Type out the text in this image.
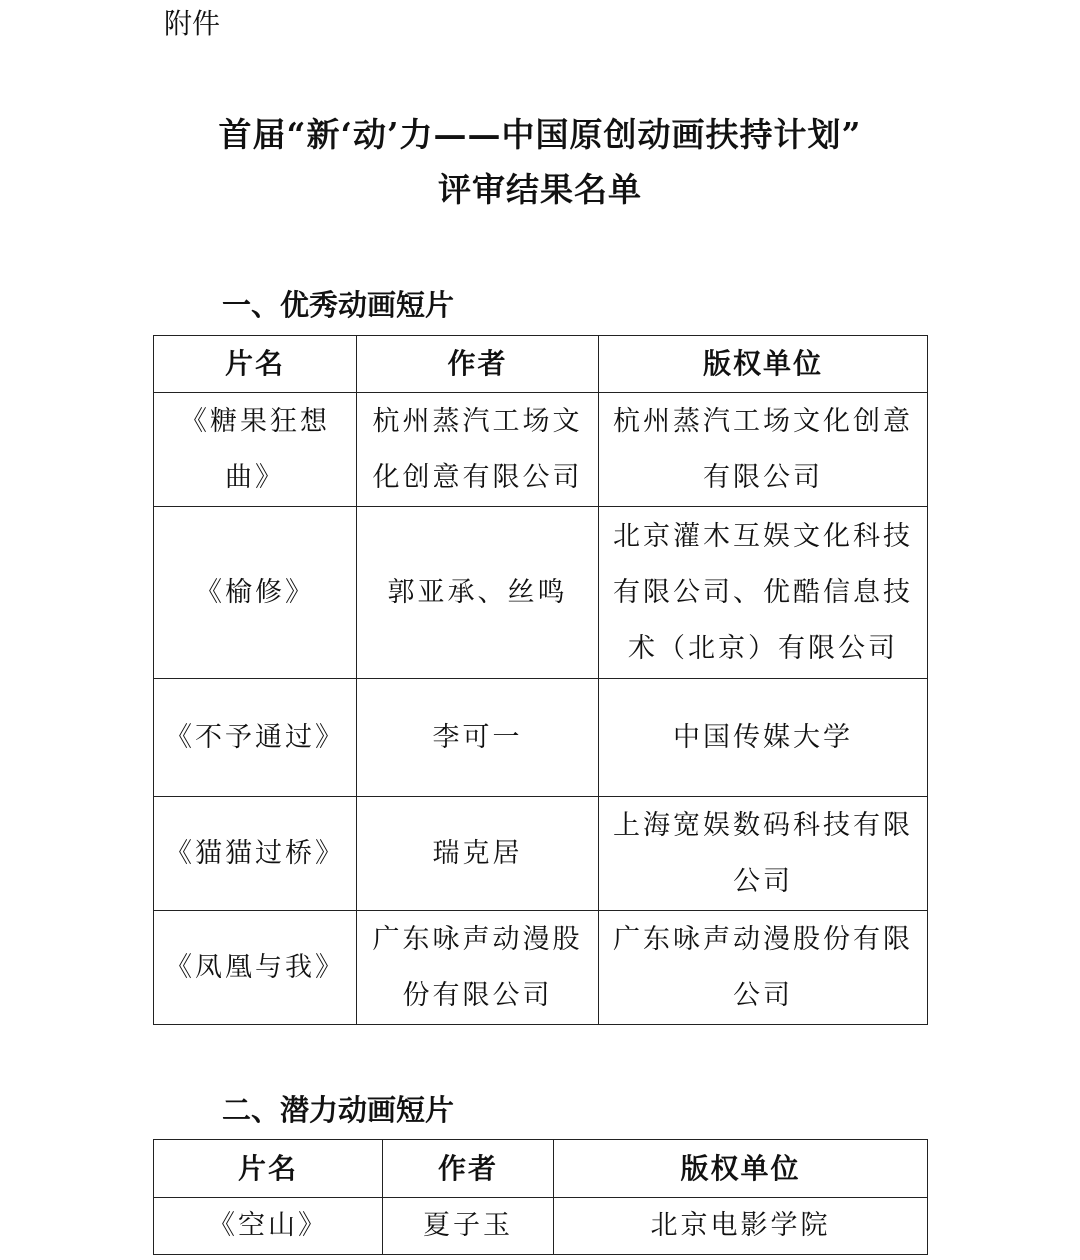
附件
首届“新‘动’力——中国原创动画扶持计划”
评审结果名单
一、优秀动画短片
片名	作者	版权单位
《糖果狂想曲》	杭州蒸汽工场文化创意有限公司	杭州蒸汽工场文化创意有限公司
《榆修》	郭亚承、丝鸣	北京灌木互娱文化科技有限公司、优酷信息技术（北京）有限公司
《不予通过》	李可一	中国传媒大学
《猫猫过桥》	瑞克居	上海宽娱数码科技有限公司
《凤凰与我》	广东咏声动漫股份有限公司	广东咏声动漫股份有限公司
二、潜力动画短片
片名	作者	版权单位
《空山》	夏子玉	北京电影学院
